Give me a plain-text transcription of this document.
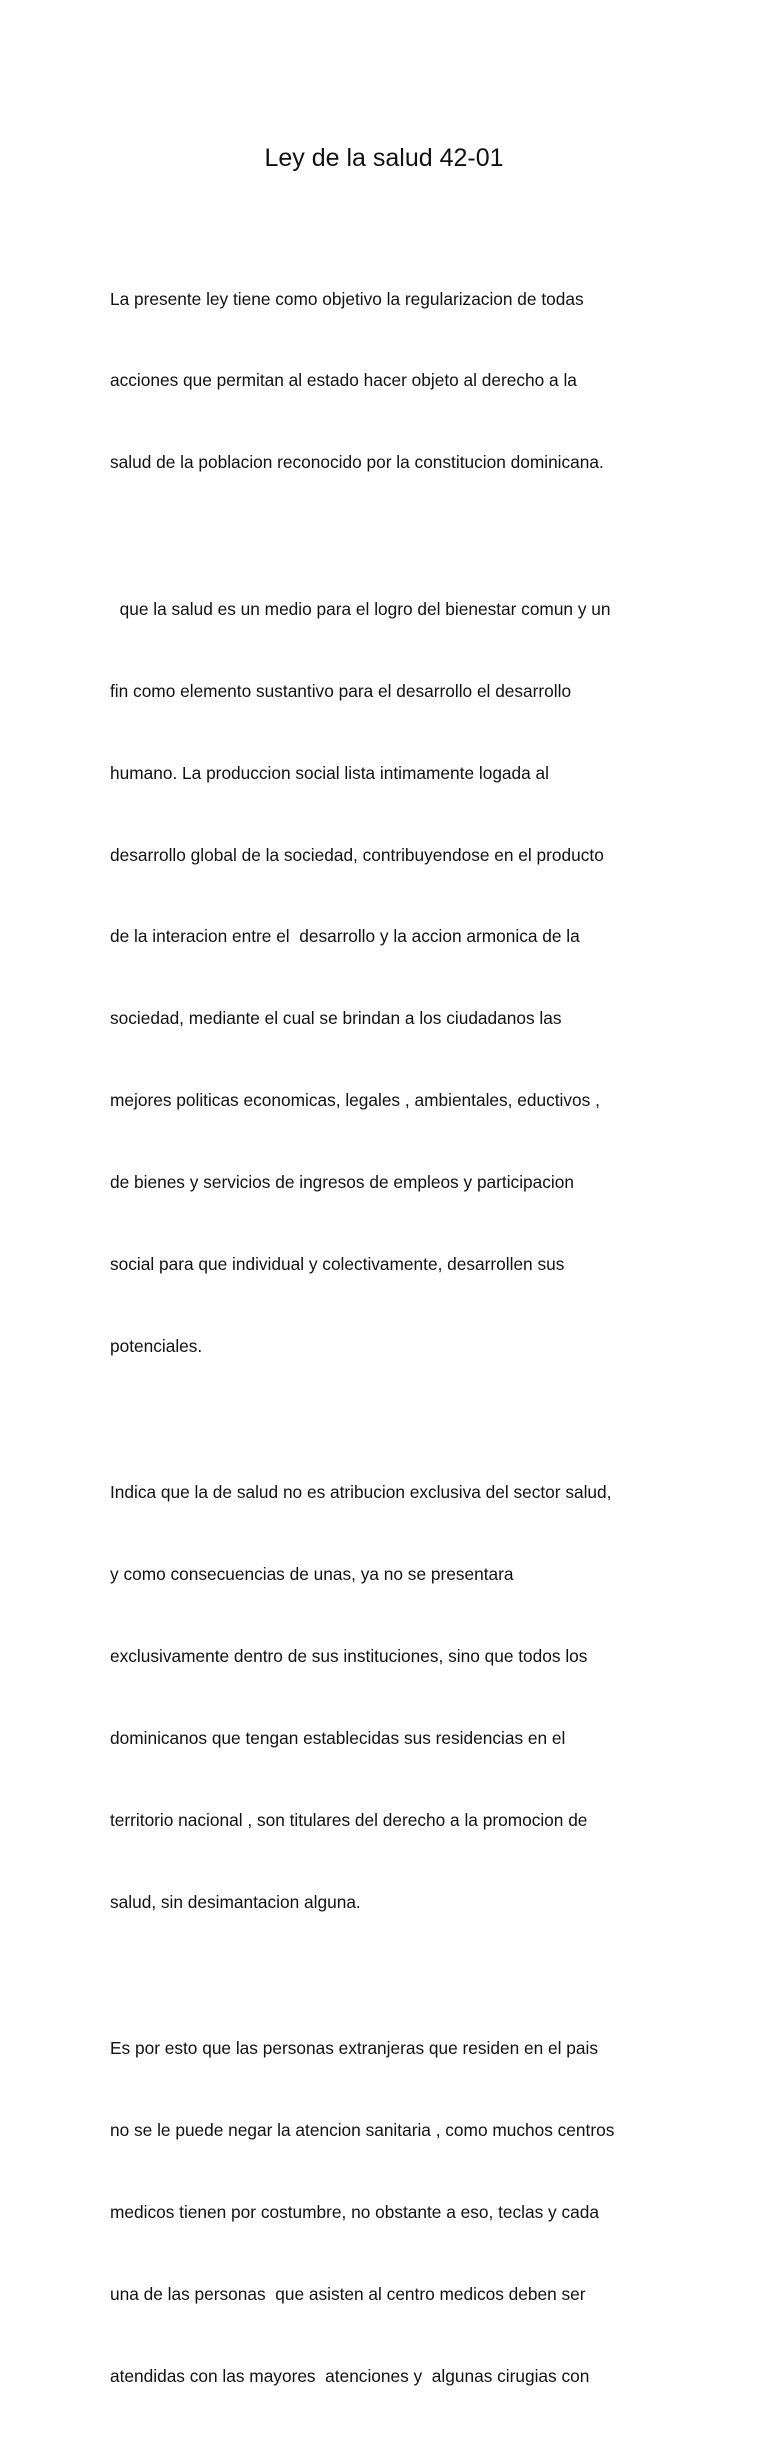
Ley de la salud 42-01

La presente ley tiene como objetivo la regularizacion de todas

acciones que permitan al estado hacer objeto al derecho a la

salud de la poblacion reconocido por la constitucion dominicana.

que la salud es un medio para el logro del bienestar comun y un

fin como elemento sustantivo para el desarrollo el desarrollo

humano. La produccion social lista intimamente logada al

desarrollo global de la sociedad, contribuyendose en el producto

de la interacion entre el  desarrollo y la accion armonica de la

sociedad, mediante el cual se brindan a los ciudadanos las

mejores politicas economicas, legales , ambientales, eductivos ,

de bienes y servicios de ingresos de empleos y participacion

social para que individual y colectivamente, desarrollen sus

potenciales.

Indica que la de salud no es atribucion exclusiva del sector salud,

y como consecuencias de unas, ya no se presentara

exclusivamente dentro de sus instituciones, sino que todos los

dominicanos que tengan establecidas sus residencias en el

territorio nacional , son titulares del derecho a la promocion de

salud, sin desimantacion alguna.

Es por esto que las personas extranjeras que residen en el pais

no se le puede negar la atencion sanitaria , como muchos centros

medicos tienen por costumbre, no obstante a eso, teclas y cada

una de las personas  que asisten al centro medicos deben ser

atendidas con las mayores  atenciones y  algunas cirugias con
